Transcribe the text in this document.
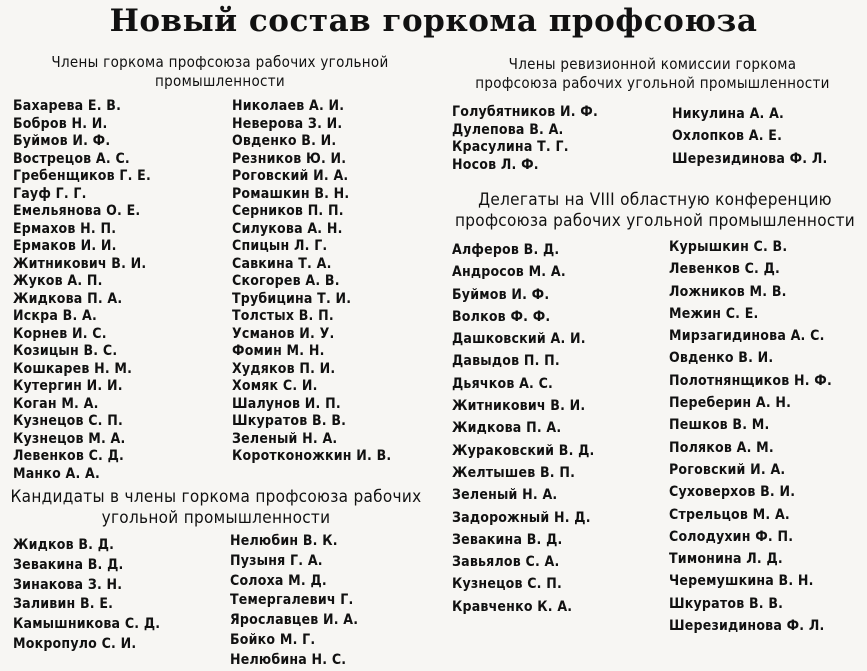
Новый состав горкома профсоюза
Члены горкома профсоюза рабочих угольной
промышленности
Бахарева Е. В.
Бобров Н. И.
Буймов И. Ф.
Вострецов А. С.
Гребенщиков Г. Е.
Гауф Г. Г.
Емельянова О. Е.
Ермахов Н. П.
Ермаков И. И.
Житникович В. И.
Жуков А. П.
Жидкова П. А.
Искра В. А.
Корнев И. С.
Козицын В. С.
Кошкарев Н. М.
Кутергин И. И.
Коган М. А.
Кузнецов С. П.
Кузнецов М. А.
Левенков С. Д.
Манко А. А.
Николаев А. И.
Неверова З. И.
Овденко В. И.
Резников Ю. И.
Роговский И. А.
Ромашкин В. Н.
Серников П. П.
Силукова А. Н.
Спицын Л. Г.
Савкина Т. А.
Скогорев А. В.
Трубицина Т. И.
Толстых В. П.
Усманов И. У.
Фомин М. Н.
Худяков П. И.
Хомяк С. И.
Шалунов И. П.
Шкуратов В. В.
Зеленый Н. А.
Коротконожкин И. В.
Кандидаты в члены горкома профсоюза рабочих
угольной промышленности
Жидков В. Д.
Зевакина В. Д.
Зинакова З. Н.
Заливин В. Е.
Камышникова С. Д.
Мокропуло С. И.
Нелюбин В. К.
Пузыня Г. А.
Солоха М. Д.
Темергалевич Г.
Ярославцев И. А.
Бойко М. Г.
Нелюбина Н. С.
Члены ревизионной комиссии горкома
профсоюза рабочих угольной промышленности
Голубятников И. Ф.
Дулепова В. А.
Красулина Т. Г.
Носов Л. Ф.
Никулина А. А.
Охлопков А. Е.
Шерезидинова Ф. Л.
Делегаты на VIII областную конференцию
профсоюза рабочих угольной промышленности
Алферов В. Д.
Андросов М. А.
Буймов И. Ф.
Волков Ф. Ф.
Дашковский А. И.
Давыдов П. П.
Дьячков А. С.
Житникович В. И.
Жидкова П. А.
Жураковский В. Д.
Желтышев В. П.
Зеленый Н. А.
Задорожный Н. Д.
Зевакина В. Д.
Завьялов С. А.
Кузнецов С. П.
Кравченко К. А.
Курышкин С. В.
Левенков С. Д.
Ложников М. В.
Межин С. Е.
Мирзагидинова А. С.
Овденко В. И.
Полотнянщиков Н. Ф.
Переберин А. Н.
Пешков В. М.
Поляков А. М.
Роговский И. А.
Суховерхов В. И.
Стрельцов М. А.
Солодухин Ф. П.
Тимонина Л. Д.
Черемушкина В. Н.
Шкуратов В. В.
Шерезидинова Ф. Л.
